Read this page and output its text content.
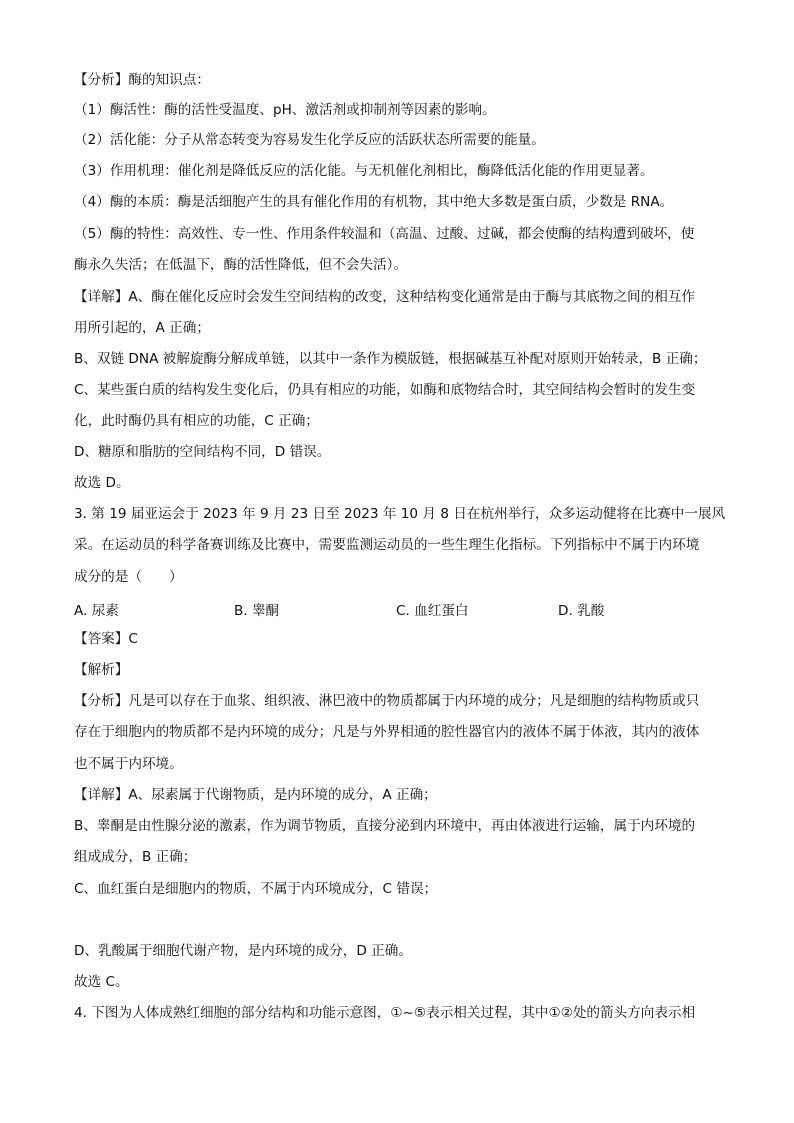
【分析】酶的知识点：
（1）酶活性：酶的活性受温度、pH、激活剂或抑制剂等因素的影响。
（2）活化能：分子从常态转变为容易发生化学反应的活跃状态所需要的能量。
（3）作用机理：催化剂是降低反应的活化能。与无机催化剂相比，酶降低活化能的作用更显著。
（4）酶的本质：酶是活细胞产生的具有催化作用的有机物，其中绝大多数是蛋白质，少数是 RNA。
（5）酶的特性：高效性、专一性、作用条件较温和（高温、过酸、过碱，都会使酶的结构遭到破坏，使
酶永久失活；在低温下，酶的活性降低，但不会失活）。
【详解】A、酶在催化反应时会发生空间结构的改变，这种结构变化通常是由于酶与其底物之间的相互作
用所引起的，A 正确；
B、双链 DNA 被解旋酶分解成单链，以其中一条作为模版链，根据碱基互补配对原则开始转录，B 正确；
C、某些蛋白质的结构发生变化后，仍具有相应的功能，如酶和底物结合时，其空间结构会暂时的发生变
化，此时酶仍具有相应的功能，C 正确；
D、糖原和脂肪的空间结构不同，D 错误。
故选 D。
3. 第 19 届亚运会于 2023 年 9 月 23 日至 2023 年 10 月 8 日在杭州举行，众多运动健将在比赛中一展风
采。在运动员的科学备赛训练及比赛中，需要监测运动员的一些生理生化指标。下列指标中不属于内环境
成分的是（　　）
A. 尿素	B. 睾酮	C. 血红蛋白	D. 乳酸
【答案】C
【解析】
【分析】凡是可以存在于血浆、组织液、淋巴液中的物质都属于内环境的成分；凡是细胞的结构物质或只
存在于细胞内的物质都不是内环境的成分；凡是与外界相通的腔性器官内的液体不属于体液，其内的液体
也不属于内环境。
【详解】A、尿素属于代谢物质，是内环境的成分，A 正确；
B、睾酮是由性腺分泌的激素，作为调节物质，直接分泌到内环境中，再由体液进行运输，属于内环境的
组成成分，B 正确；
C、血红蛋白是细胞内的物质，不属于内环境成分，C 错误；
D、乳酸属于细胞代谢产物，是内环境的成分，D 正确。
故选 C。
4. 下图为人体成熟红细胞的部分结构和功能示意图，①~⑤表示相关过程，其中①②处的箭头方向表示相
